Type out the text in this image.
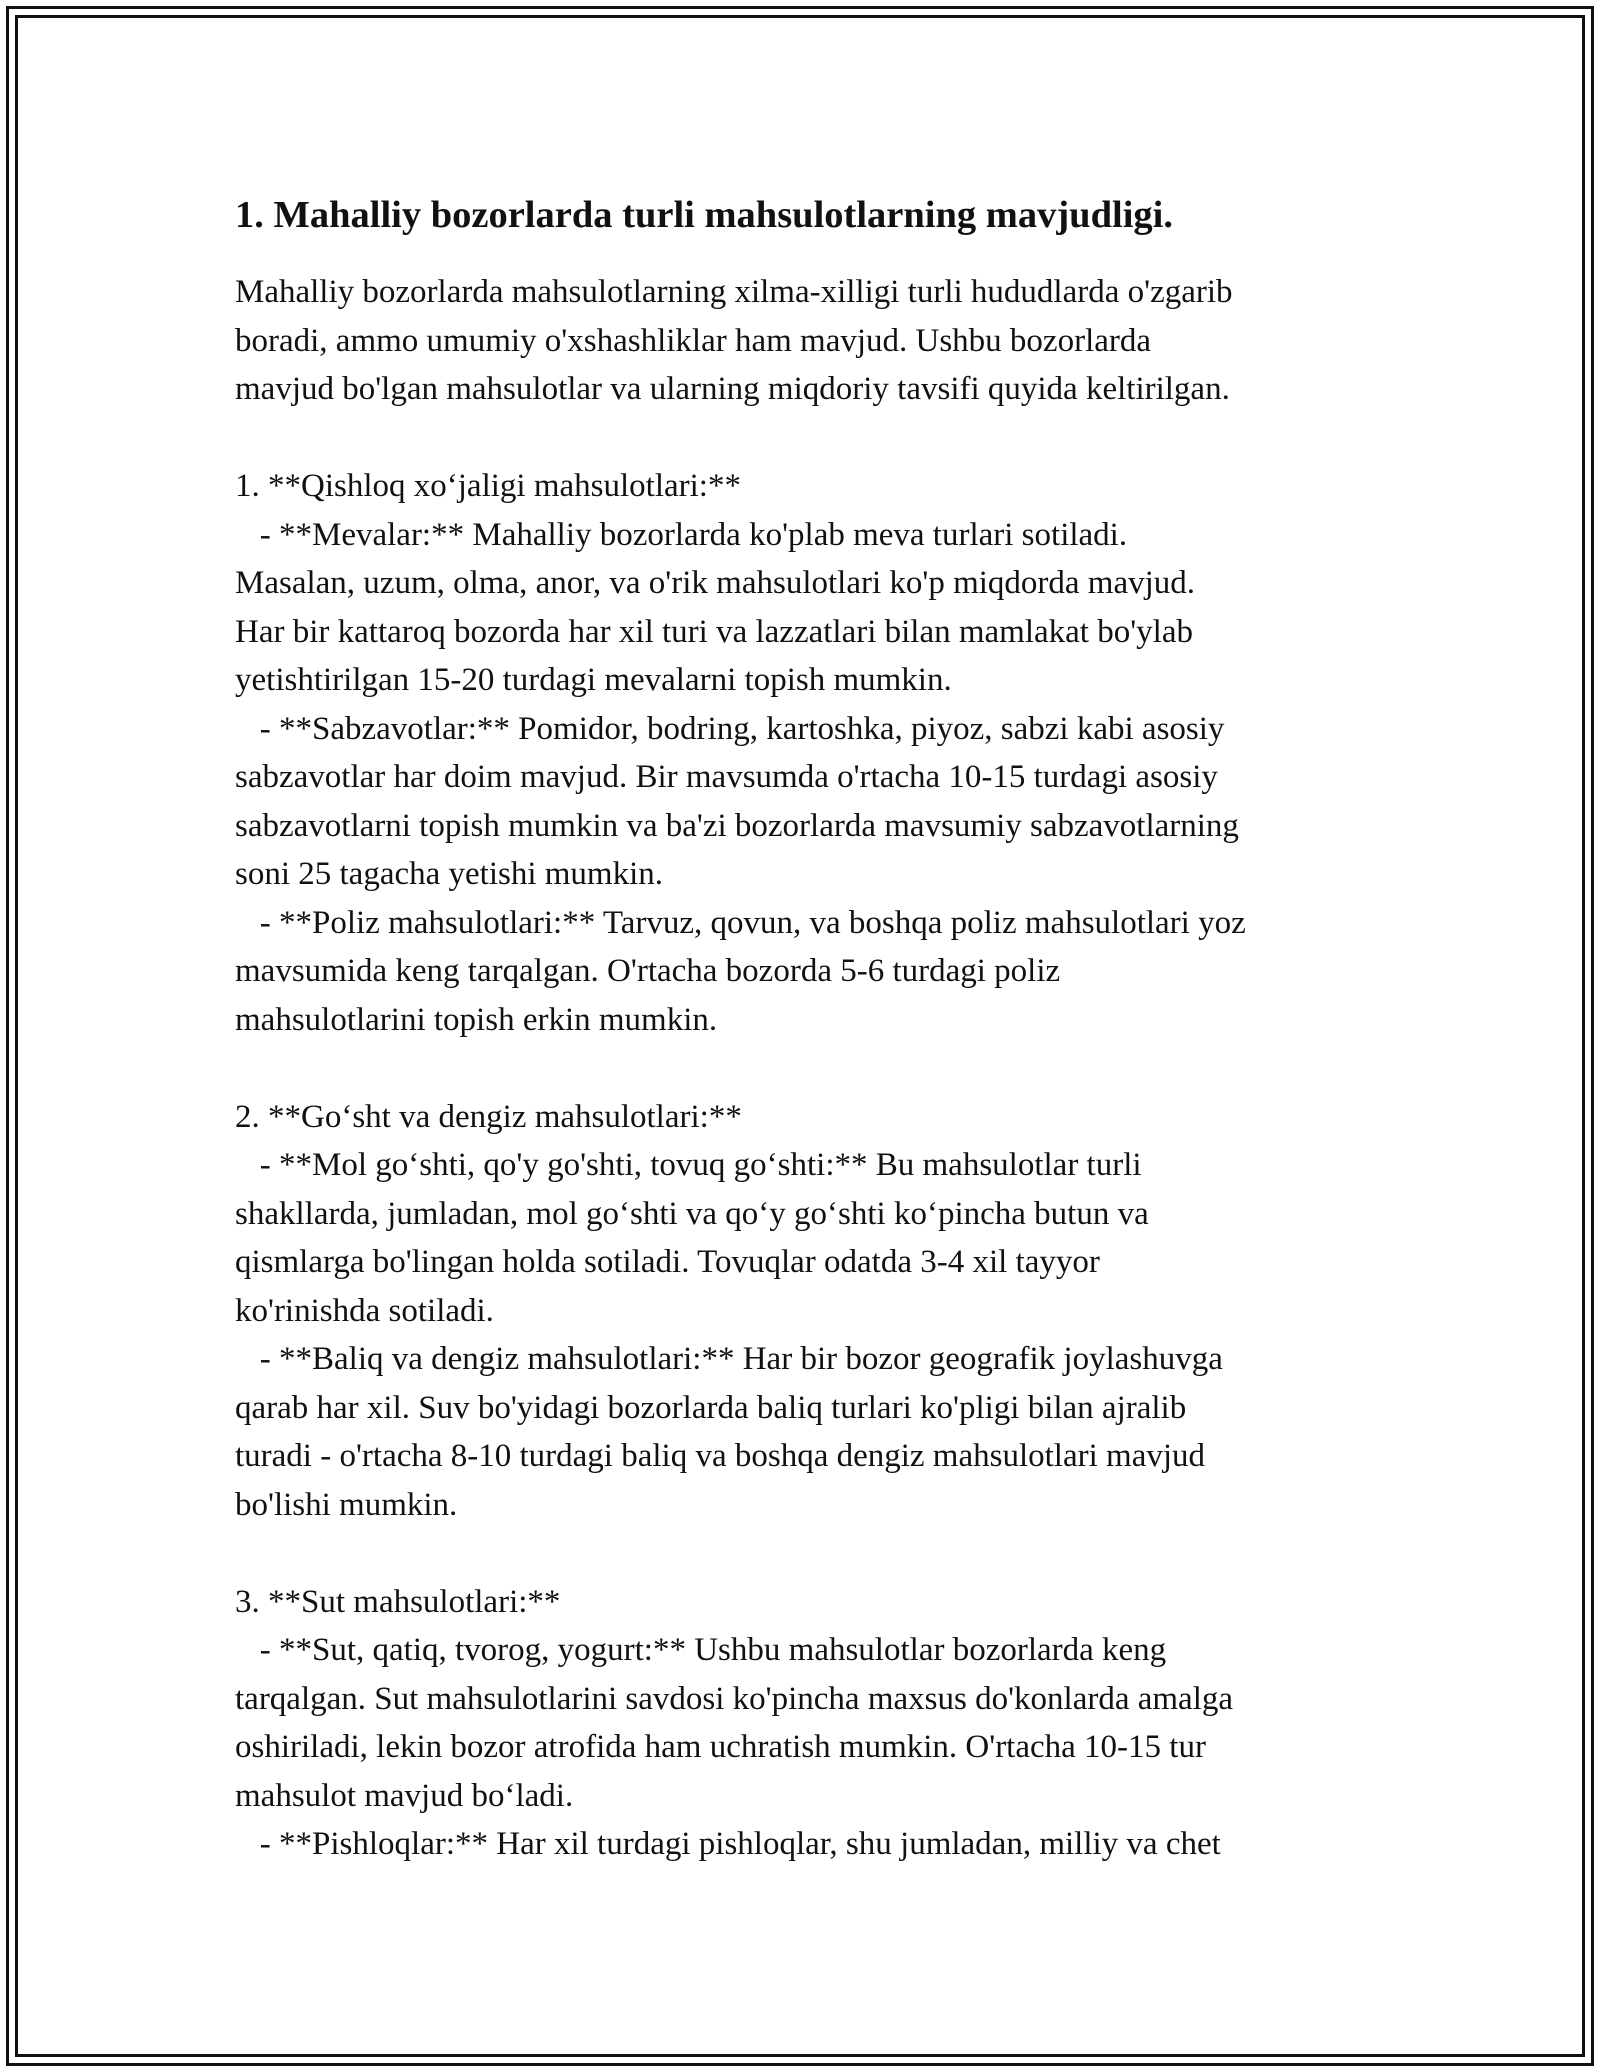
1. Mahalliy bozorlarda turli mahsulotlarning mavjudligi.
Mahalliy bozorlarda mahsulotlarning xilma-xilligi turli hududlarda o'zgarib
boradi, ammo umumiy o'xshashliklar ham mavjud. Ushbu bozorlarda
mavjud bo'lgan mahsulotlar va ularning miqdoriy tavsifi quyida keltirilgan.
1. **Qishloq xo‘jaligi mahsulotlari:**
- **Mevalar:** Mahalliy bozorlarda ko'plab meva turlari sotiladi.
Masalan, uzum, olma, anor, va o'rik mahsulotlari ko'p miqdorda mavjud.
Har bir kattaroq bozorda har xil turi va lazzatlari bilan mamlakat bo'ylab
yetishtirilgan 15-20 turdagi mevalarni topish mumkin.
- **Sabzavotlar:** Pomidor, bodring, kartoshka, piyoz, sabzi kabi asosiy
sabzavotlar har doim mavjud. Bir mavsumda o'rtacha 10-15 turdagi asosiy
sabzavotlarni topish mumkin va ba'zi bozorlarda mavsumiy sabzavotlarning
soni 25 tagacha yetishi mumkin.
- **Poliz mahsulotlari:** Tarvuz, qovun, va boshqa poliz mahsulotlari yoz
mavsumida keng tarqalgan. O'rtacha bozorda 5-6 turdagi poliz
mahsulotlarini topish erkin mumkin.
2. **Go‘sht va dengiz mahsulotlari:**
- **Mol go‘shti, qo'y go'shti, tovuq go‘shti:** Bu mahsulotlar turli
shakllarda, jumladan, mol go‘shti va qo‘y go‘shti ko‘pincha butun va
qismlarga bo'lingan holda sotiladi. Tovuqlar odatda 3-4 xil tayyor
ko'rinishda sotiladi.
- **Baliq va dengiz mahsulotlari:** Har bir bozor geografik joylashuvga
qarab har xil. Suv bo'yidagi bozorlarda baliq turlari ko'pligi bilan ajralib
turadi - o'rtacha 8-10 turdagi baliq va boshqa dengiz mahsulotlari mavjud
bo'lishi mumkin.
3. **Sut mahsulotlari:**
- **Sut, qatiq, tvorog, yogurt:** Ushbu mahsulotlar bozorlarda keng
tarqalgan. Sut mahsulotlarini savdosi ko'pincha maxsus do'konlarda amalga
oshiriladi, lekin bozor atrofida ham uchratish mumkin. O'rtacha 10-15 tur
mahsulot mavjud bo‘ladi.
- **Pishloqlar:** Har xil turdagi pishloqlar, shu jumladan, milliy va chet
